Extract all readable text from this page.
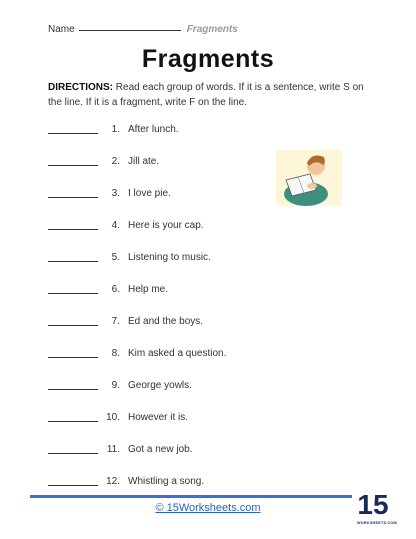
Name	Fragments
Fragments
DIRECTIONS: Read each group of words. If it is a sentence, write S on the line. If it is a fragment, write F on the line.
1. After lunch.
2. Jill ate.
3. I love pie.
4. Here is your cap.
5. Listening to music.
6. Help me.
7. Ed and the boys.
8. Kim asked a question.
9. George yowls.
10. However it is.
11. Got a new job.
12. Whistling a song.
© 15Worksheets.com	15
WORKSHEETS.COM
